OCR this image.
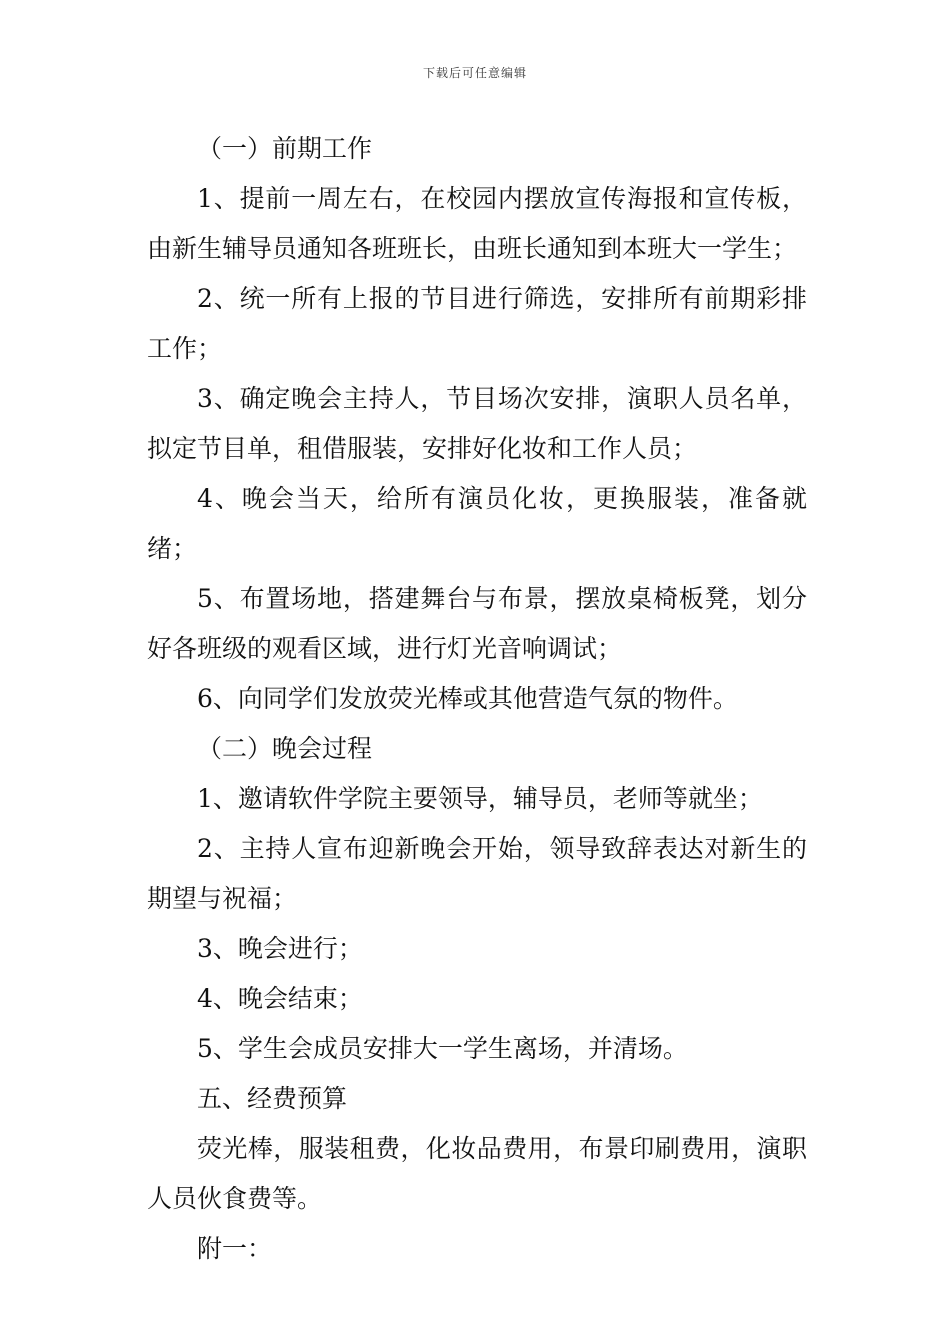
下载后可任意编辑

（一）前期工作

1、提前一周左右，在校园内摆放宣传海报和宣传板，由新生辅导员通知各班班长，由班长通知到本班大一学生；

2、统一所有上报的节目进行筛选，安排所有前期彩排工作；

3、确定晚会主持人，节目场次安排，演职人员名单，拟定节目单，租借服装，安排好化妆和工作人员；

4、晚会当天，给所有演员化妆，更换服装，准备就绪；

5、布置场地，搭建舞台与布景，摆放桌椅板凳，划分好各班级的观看区域，进行灯光音响调试；

6、向同学们发放荧光棒或其他营造气氛的物件。

（二）晚会过程

1、邀请软件学院主要领导，辅导员，老师等就坐；

2、主持人宣布迎新晚会开始，领导致辞表达对新生的期望与祝福；

3、晚会进行；

4、晚会结束；

5、学生会成员安排大一学生离场，并清场。

五、经费预算

荧光棒，服装租费，化妆品费用，布景印刷费用，演职人员伙食费等。

附一：
